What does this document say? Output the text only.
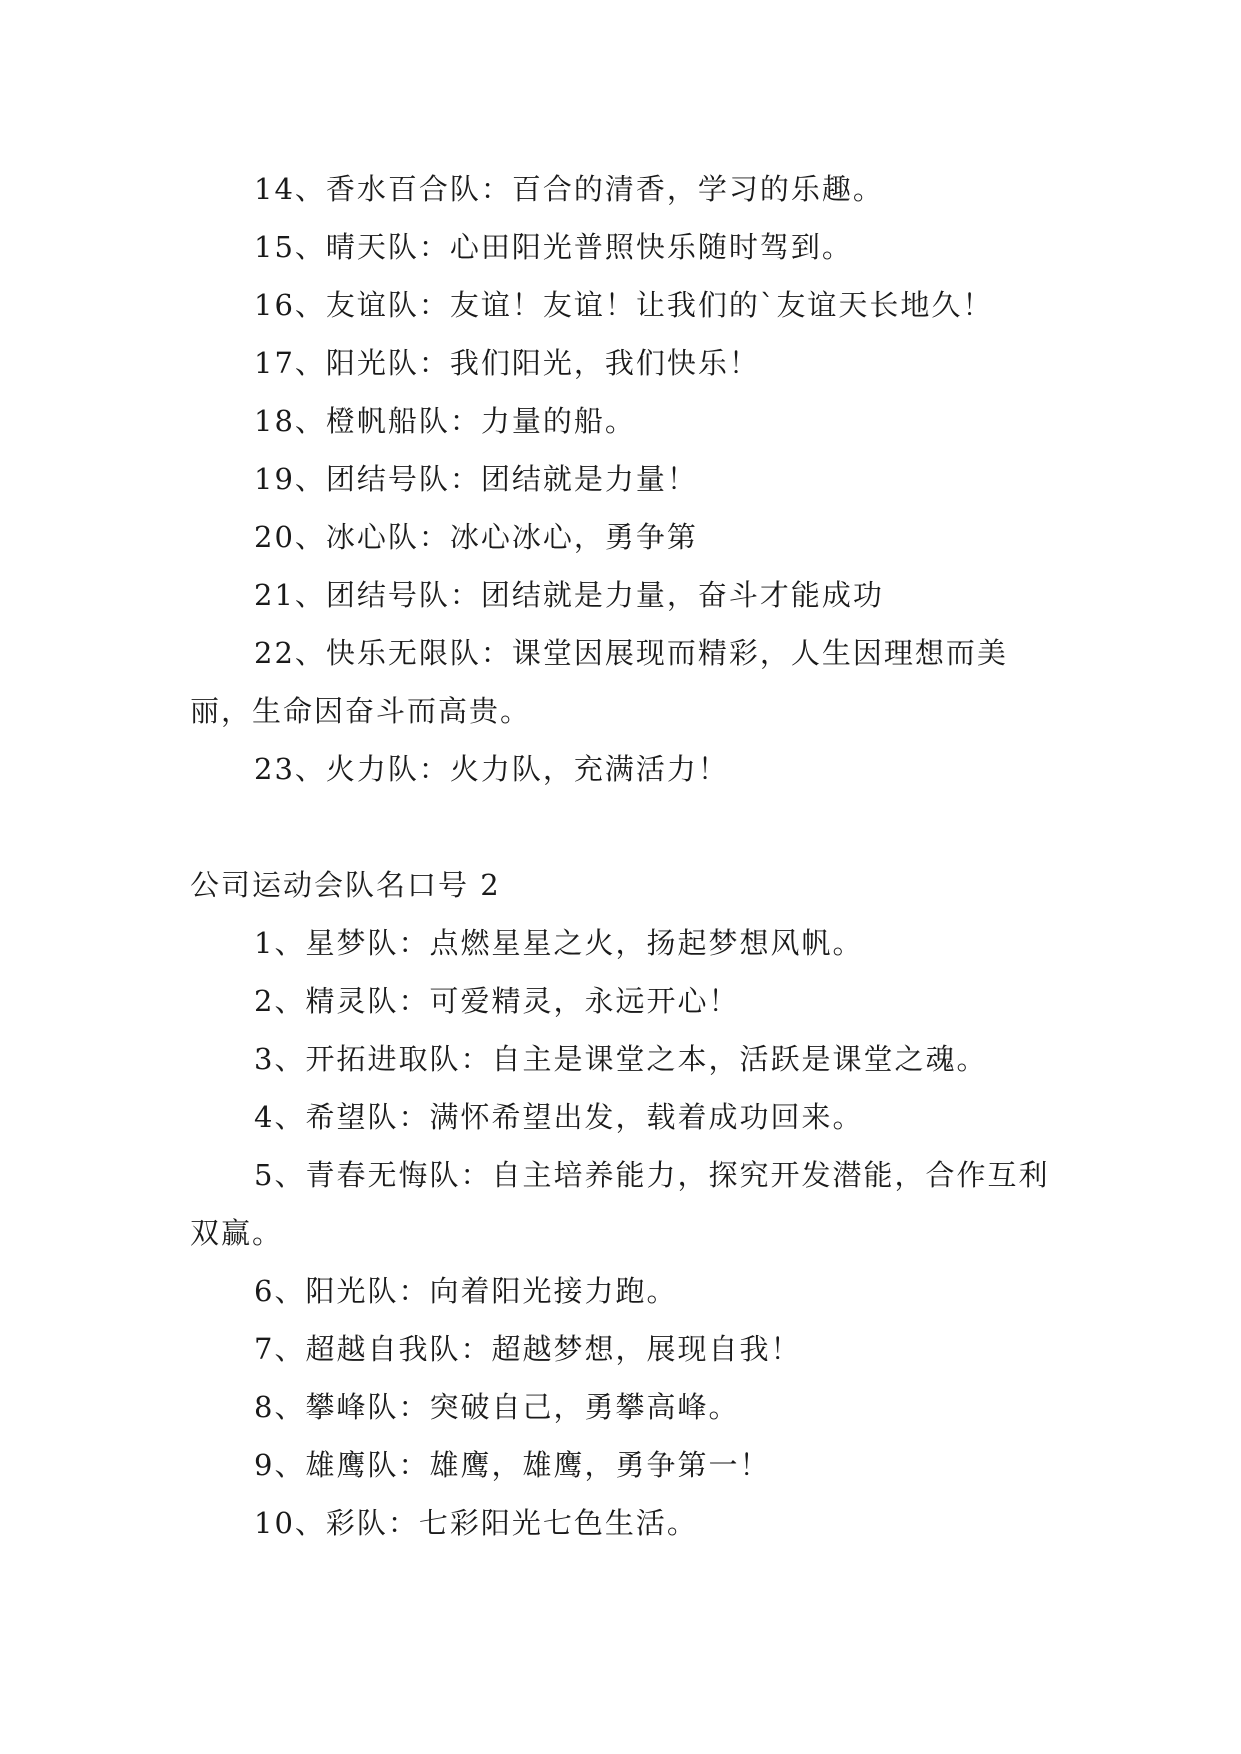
14、香水百合队：百合的清香，学习的乐趣。

15、晴天队：心田阳光普照快乐随时驾到。

16、友谊队：友谊！友谊！让我们的`友谊天长地久！

17、阳光队：我们阳光，我们快乐！

18、橙帆船队：力量的船。

19、团结号队：团结就是力量！

20、冰心队：冰心冰心，勇争第

21、团结号队：团结就是力量，奋斗才能成功

22、快乐无限队：课堂因展现而精彩，人生因理想而美丽，生命因奋斗而高贵。

23、火力队：火力队，充满活力！

公司运动会队名口号 2

1、星梦队：点燃星星之火，扬起梦想风帆。

2、精灵队：可爱精灵，永远开心！

3、开拓进取队：自主是课堂之本，活跃是课堂之魂。

4、希望队：满怀希望出发，载着成功回来。

5、青春无悔队：自主培养能力，探究开发潜能，合作互利双赢。

6、阳光队：向着阳光接力跑。

7、超越自我队：超越梦想，展现自我！

8、攀峰队：突破自己，勇攀高峰。

9、雄鹰队：雄鹰，雄鹰，勇争第一！

10、彩队：七彩阳光七色生活。
